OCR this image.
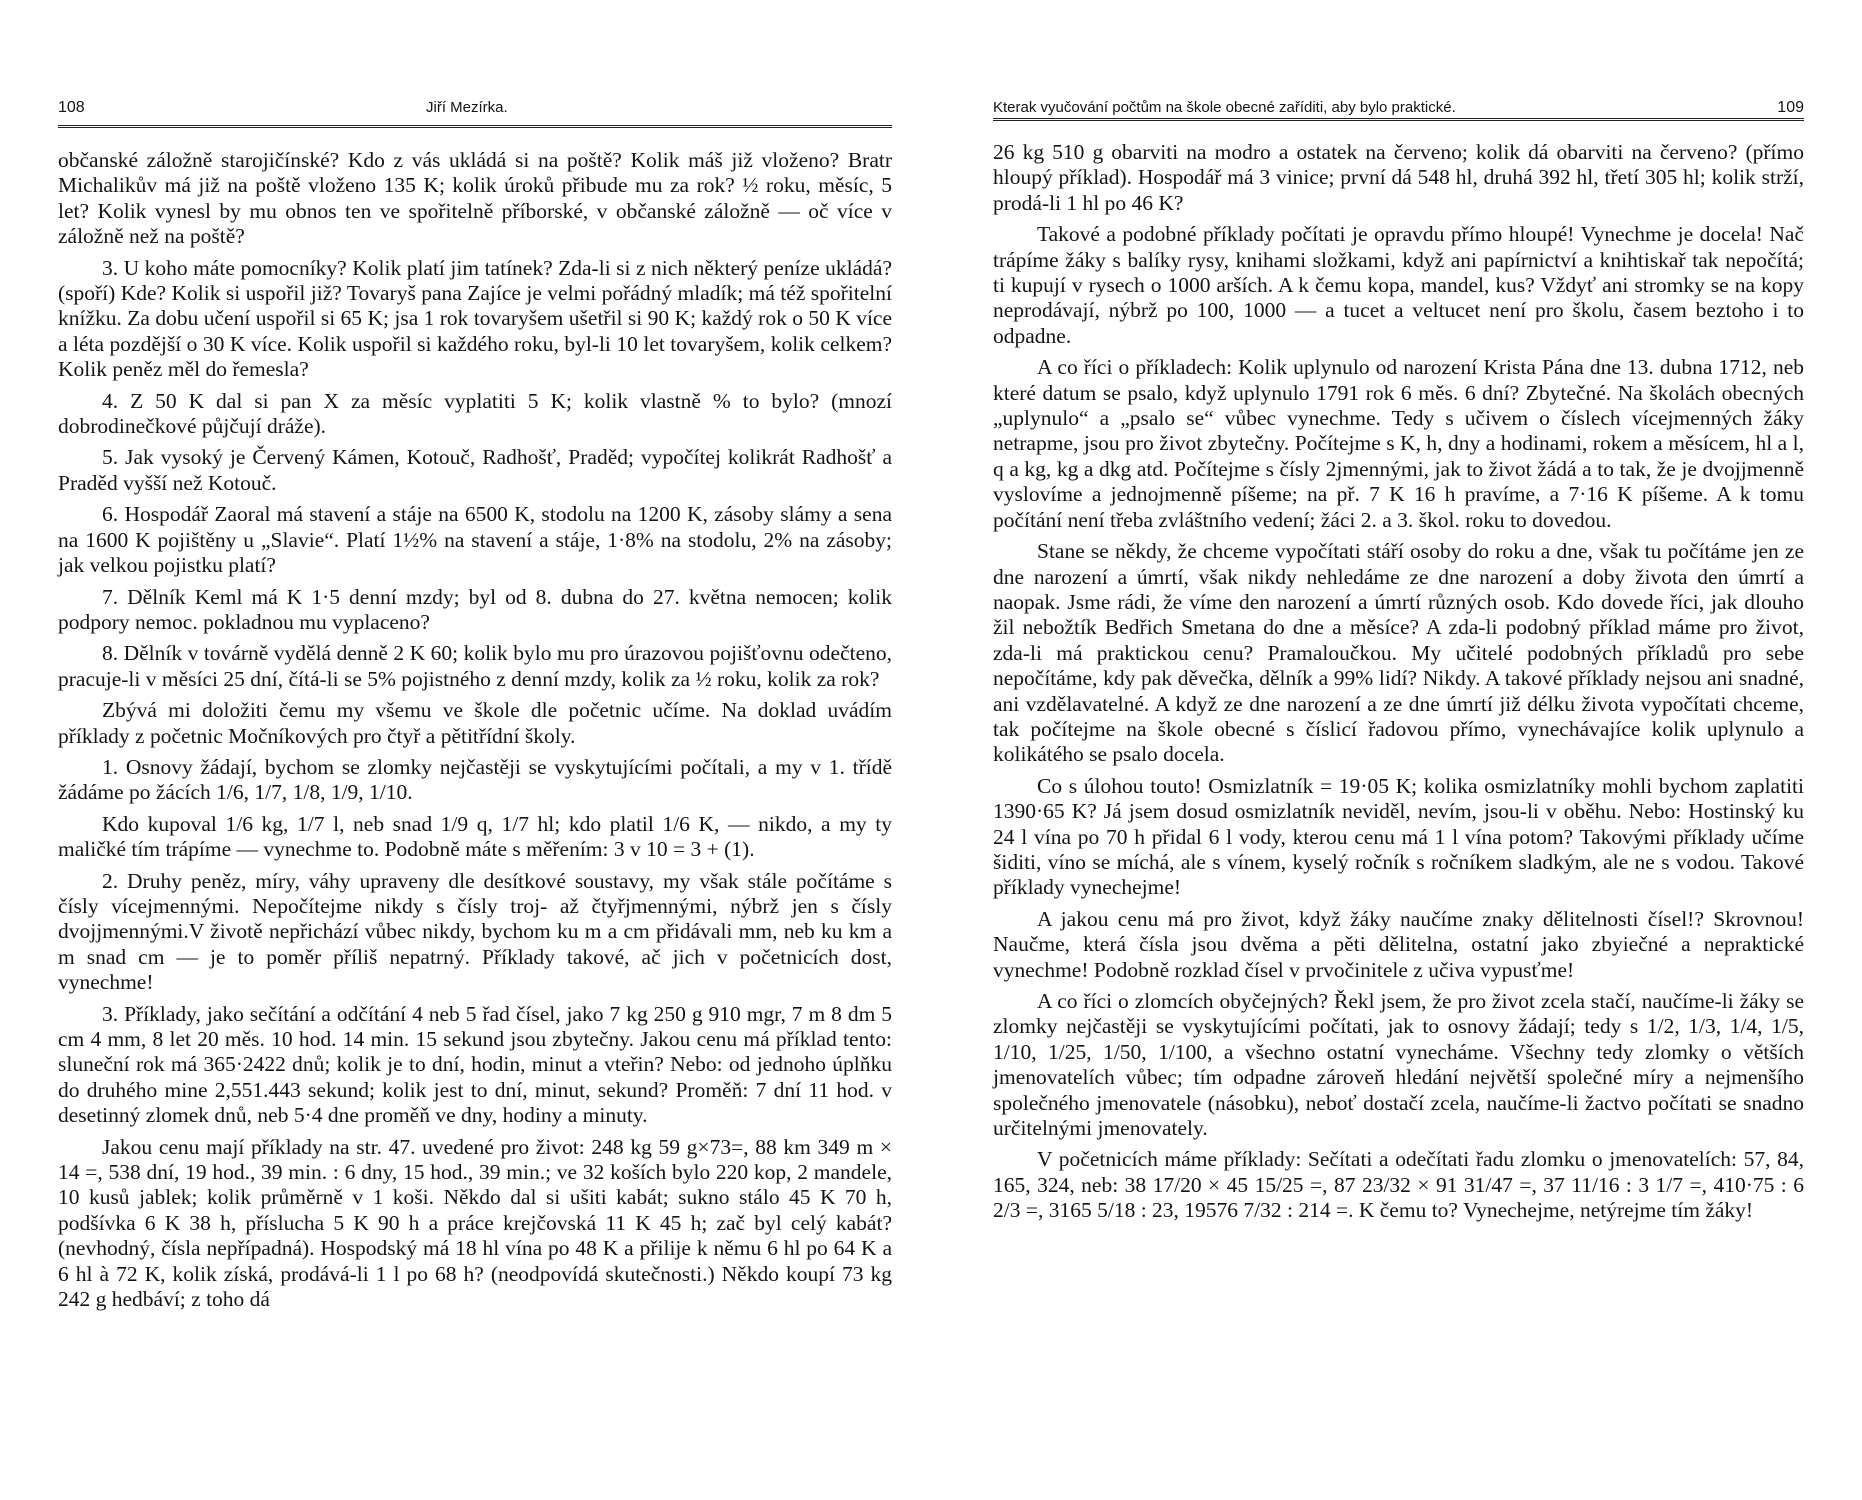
108	Jiří Mezírka.

občanské záložně starojičínské? Kdo z vás ukládá si na poště? Kolik máš již vloženo? Bratr Michalikův má již na poště vloženo 135 K; kolik úroků přibude mu za rok? ½ roku, měsíc, 5 let? Kolik vynesl by mu obnos ten ve spořitelně příborské, v občanské záložně — oč více v záložně než na poště?

3. U koho máte pomocníky? Kolik platí jim tatínek? Zda-li si z nich některý peníze ukládá? (spoří) Kde? Kolik si uspořil již? Tovaryš pana Zajíce je velmi pořádný mladík; má též spořitelní knížku. Za dobu učení uspořil si 65 K; jsa 1 rok tovaryšem ušetřil si 90 K; každý rok o 50 K více a léta pozdější o 30 K více. Kolik uspořil si každého roku, byl-li 10 let tovaryšem, kolik celkem? Kolik peněz měl do řemesla?

4. Z 50 K dal si pan X za měsíc vyplatiti 5 K; kolik vlastně % to bylo? (mnozí dobrodinečkové půjčují dráže).

5. Jak vysoký je Červený Kámen, Kotouč, Radhošť, Praděd; vypočítej kolikrát Radhošť a Praděd vyšší než Kotouč.

6. Hospodář Zaoral má stavení a stáje na 6500 K, stodolu na 1200 K, zásoby slámy a sena na 1600 K pojištěny u „Slavie“. Platí 1½% na stavení a stáje, 1·8% na stodolu, 2% na zásoby; jak velkou pojistku platí?

7. Dělník Keml má K 1·5 denní mzdy; byl od 8. dubna do 27. května nemocen; kolik podpory nemoc. pokladnou mu vyplaceno?

8. Dělník v továrně vydělá denně 2 K 60; kolik bylo mu pro úrazovou pojišťovnu odečteno, pracuje-li v měsíci 25 dní, čítá-li se 5% pojistného z denní mzdy, kolik za ½ roku, kolik za rok?

Zbývá mi doložiti čemu my všemu ve škole dle početnic učíme. Na doklad uvádím příklady z početnic Močníkových pro čtyř a pětitřídní školy.

1. Osnovy žádají, bychom se zlomky nejčastěji se vyskytujícími počítali, a my v 1. třídě žádáme po žácích 1/6, 1/7, 1/8, 1/9, 1/10.

Kdo kupoval 1/6 kg, 1/7 l, neb snad 1/9 q, 1/7 hl; kdo platil 1/6 K, — nikdo, a my ty maličké tím trápíme — vynechme to. Podobně máte s měřením: 3 v 10 = 3 + (1).

2. Druhy peněz, míry, váhy upraveny dle desítkové soustavy, my však stále počítáme s čísly vícejmennými. Nepočítejme nikdy s čísly troj- až čtyřjmennými, nýbrž jen s čísly dvojjmennými.V životě nepřichází vůbec nikdy, bychom ku m a cm přidávali mm, neb ku km a m snad cm — je to poměr příliš nepatrný. Příklady takové, ač jich v početnicích dost, vynechme!

3. Příklady, jako sečítání a odčítání 4 neb 5 řad čísel, jako 7 kg 250 g 910 mgr, 7 m 8 dm 5 cm 4 mm, 8 let 20 měs. 10 hod. 14 min. 15 sekund jsou zbytečny. Jakou cenu má příklad tento: sluneční rok má 365·2422 dnů; kolik je to dní, hodin, minut a vteřin? Nebo: od jednoho úplňku do druhého mine 2,551.443 sekund; kolik jest to dní, minut, sekund? Proměň: 7 dní 11 hod. v desetinný zlomek dnů, neb 5·4 dne proměň ve dny, hodiny a minuty.

Jakou cenu mají příklady na str. 47. uvedené pro život: 248 kg 59 g×73=, 88 km 349 m × 14 =, 538 dní, 19 hod., 39 min. : 6 dny, 15 hod., 39 min.; ve 32 koších bylo 220 kop, 2 mandele, 10 kusů jablek; kolik průměrně v 1 koši. Někdo dal si ušiti kabát; sukno stálo 45 K 70 h, podšívka 6 K 38 h, příslucha 5 K 90 h a práce krejčovská 11 K 45 h; zač byl celý kabát? (nevhodný, čísla nepřípadná). Hospodský má 18 hl vína po 48 K a přilije k němu 6 hl po 64 K a 6 hl à 72 K, kolik získá, prodává-li 1 l po 68 h? (neodpovídá skutečnosti.) Někdo koupí 73 kg 242 g hedbáví; z toho dá

Kterak vyučování počtům na škole obecné zaříditi, aby bylo praktické.	109

26 kg 510 g obarviti na modro a ostatek na červeno; kolik dá obarviti na červeno? (přímo hloupý příklad). Hospodář má 3 vinice; první dá 548 hl, druhá 392 hl, třetí 305 hl; kolik strží, prodá-li 1 hl po 46 K?

Takové a podobné příklady počítati je opravdu přímo hloupé! Vynechme je docela! Nač trápíme žáky s balíky rysy, knihami složkami, když ani papírnictví a knihtiskař tak nepočítá; ti kupují v rysech o 1000 arších. A k čemu kopa, mandel, kus? Vždyť ani stromky se na kopy neprodávají, nýbrž po 100, 1000 — a tucet a veltucet není pro školu, časem beztoho i to odpadne.

A co říci o příkladech: Kolik uplynulo od narození Krista Pána dne 13. dubna 1712, neb které datum se psalo, když uplynulo 1791 rok 6 měs. 6 dní? Zbytečné. Na školách obecných „uplynulo“ a „psalo se“ vůbec vynechme. Tedy s učivem o číslech vícejmenných žáky netrapme, jsou pro život zbytečny. Počítejme s K, h, dny a hodinami, rokem a měsícem, hl a l, q a kg, kg a dkg atd. Počítejme s čísly 2jmennými, jak to život žádá a to tak, že je dvojjmenně vyslovíme a jednojmenně píšeme; na př. 7 K 16 h pravíme, a 7·16 K píšeme. A k tomu počítání není třeba zvláštního vedení; žáci 2. a 3. škol. roku to dovedou.

Stane se někdy, že chceme vypočítati stáří osoby do roku a dne, však tu počítáme jen ze dne narození a úmrtí, však nikdy nehledáme ze dne narození a doby života den úmrtí a naopak. Jsme rádi, že víme den narození a úmrtí různých osob. Kdo dovede říci, jak dlouho žil nebožtík Bedřich Smetana do dne a měsíce? A zda-li podobný příklad máme pro život, zda-li má praktickou cenu? Pramaloučkou. My učitelé podobných příkladů pro sebe nepočítáme, kdy pak děvečka, dělník a 99% lidí? Nikdy. A takové příklady nejsou ani snadné, ani vzdělavatelné. A když ze dne narození a ze dne úmrtí již délku života vypočítati chceme, tak počítejme na škole obecné s číslicí řadovou přímo, vynechávajíce kolik uplynulo a kolikátého se psalo docela.

Co s úlohou touto! Osmizlatník = 19·05 K; kolika osmizlatníky mohli bychom zaplatiti 1390·65 K? Já jsem dosud osmizlatník neviděl, nevím, jsou-li v oběhu. Nebo: Hostinský ku 24 l vína po 70 h přidal 6 l vody, kterou cenu má 1 l vína potom? Takovými příklady učíme šiditi, víno se míchá, ale s vínem, kyselý ročník s ročníkem sladkým, ale ne s vodou. Takové příklady vynechejme!

A jakou cenu má pro život, když žáky naučíme znaky dělitelnosti čísel!? Skrovnou! Naučme, která čísla jsou dvěma a pěti dělitelna, ostatní jako zbyiečné a nepraktické vynechme! Podobně rozklad čísel v prvočinitele z učiva vypusťme!

A co říci o zlomcích obyčejných? Řekl jsem, že pro život zcela stačí, naučíme-li žáky se zlomky nejčastěji se vyskytujícími počítati, jak to osnovy žádají; tedy s 1/2, 1/3, 1/4, 1/5, 1/10, 1/25, 1/50, 1/100, a všechno ostatní vynecháme. Všechny tedy zlomky o větších jmenovatelích vůbec; tím odpadne zároveň hledání největší společné míry a nejmenšího společného jmenovatele (násobku), neboť dostačí zcela, naučíme-li žactvo počítati se snadno určitelnými jmenovately.

V početnicích máme příklady: Sečítati a odečítati řadu zlomku o jmenovatelích: 57, 84, 165, 324, neb: 38 17/20 × 45 15/25 =, 87 23/32 × 91 31/47 =, 37 11/16 : 3 1/7 =, 410·75 : 6 2/3 =, 3165 5/18 : 23, 19576 7/32 : 214 =. K čemu to? Vynechejme, netýrejme tím žáky!
